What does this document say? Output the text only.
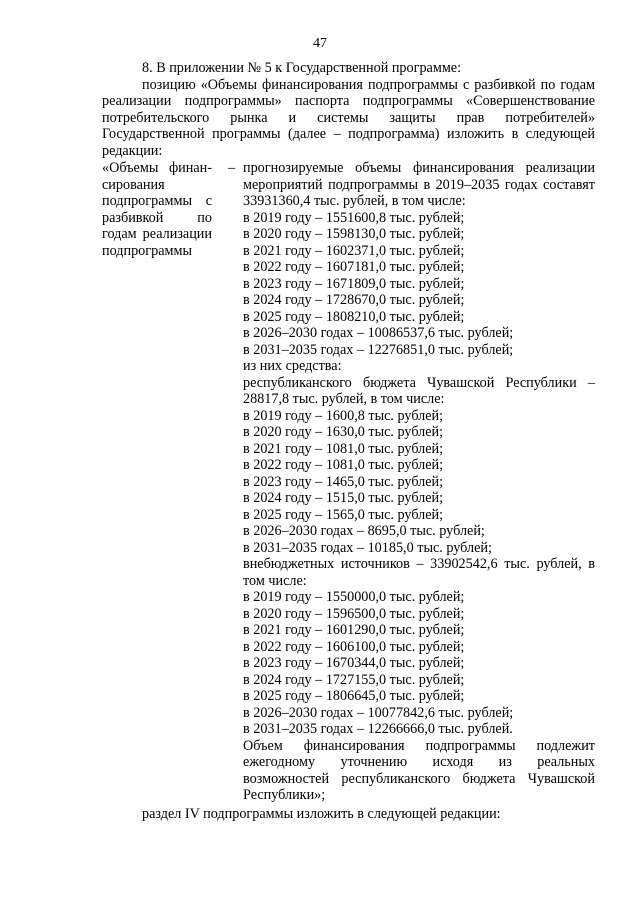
47

8. В приложении № 5 к Государственной программе:

позицию «Объемы финансирования подпрограммы с разбивкой по годам реализации подпрограммы» паспорта подпрограммы «Совершенствование потребительского рынка и системы защиты прав потребителей» Государственной программы (далее – подпрограмма) изложить в следующей редакции:

«Объемы финансирования подпрограммы с разбивкой по годам реализации подпрограммы
– прогнозируемые объемы финансирования реализации мероприятий подпрограммы в 2019–2035 годах составят 33931360,4 тыс. рублей, в том числе:
в 2019 году – 1551600,8 тыс. рублей;
в 2020 году – 1598130,0 тыс. рублей;
в 2021 году – 1602371,0 тыс. рублей;
в 2022 году – 1607181,0 тыс. рублей;
в 2023 году – 1671809,0 тыс. рублей;
в 2024 году – 1728670,0 тыс. рублей;
в 2025 году – 1808210,0 тыс. рублей;
в 2026–2030 годах – 10086537,6 тыс. рублей;
в 2031–2035 годах – 12276851,0 тыс. рублей;
из них средства:
республиканского бюджета Чувашской Республики – 28817,8 тыс. рублей, в том числе:
в 2019 году – 1600,8 тыс. рублей;
в 2020 году – 1630,0 тыс. рублей;
в 2021 году – 1081,0 тыс. рублей;
в 2022 году – 1081,0 тыс. рублей;
в 2023 году – 1465,0 тыс. рублей;
в 2024 году – 1515,0 тыс. рублей;
в 2025 году – 1565,0 тыс. рублей;
в 2026–2030 годах – 8695,0 тыс. рублей;
в 2031–2035 годах – 10185,0 тыс. рублей;
внебюджетных источников – 33902542,6 тыс. рублей, в том числе:
в 2019 году – 1550000,0 тыс. рублей;
в 2020 году – 1596500,0 тыс. рублей;
в 2021 году – 1601290,0 тыс. рублей;
в 2022 году – 1606100,0 тыс. рублей;
в 2023 году – 1670344,0 тыс. рублей;
в 2024 году – 1727155,0 тыс. рублей;
в 2025 году – 1806645,0 тыс. рублей;
в 2026–2030 годах – 10077842,6 тыс. рублей;
в 2031–2035 годах – 12266666,0 тыс. рублей.
Объем финансирования подпрограммы подлежит ежегодному уточнению исходя из реальных возможностей республиканского бюджета Чувашской Республики»;
раздел IV подпрограммы изложить в следующей редакции:
